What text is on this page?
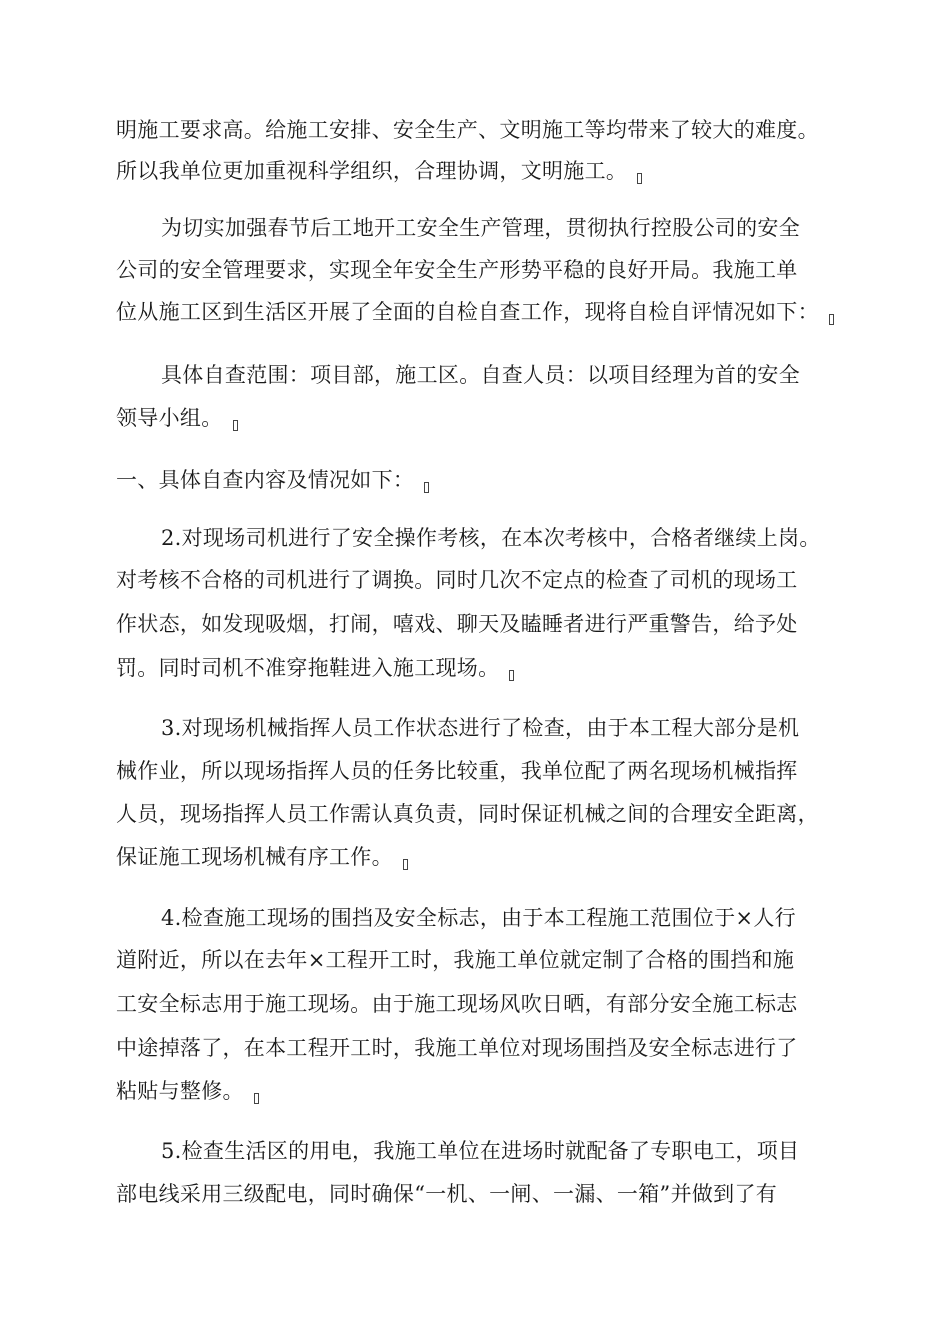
明施工要求高。给施工安排、安全生产、文明施工等均带来了较大的难度。
所以我单位更加重视科学组织，合理协调，文明施工。
为切实加强春节后工地开工安全生产管理，贯彻执行控股公司的安全
公司的安全管理要求，实现全年安全生产形势平稳的良好开局。我施工单
位从施工区到生活区开展了全面的自检自查工作，现将自检自评情况如下：
具体自查范围：项目部，施工区。自查人员：以项目经理为首的安全
领导小组。
一、具体自查内容及情况如下：
2.对现场司机进行了安全操作考核，在本次考核中，合格者继续上岗。
对考核不合格的司机进行了调换。同时几次不定点的检查了司机的现场工
作状态，如发现吸烟，打闹，嘻戏、聊天及瞌睡者进行严重警告，给予处
罚。同时司机不准穿拖鞋进入施工现场。
3.对现场机械指挥人员工作状态进行了检查，由于本工程大部分是机
械作业，所以现场指挥人员的任务比较重，我单位配了两名现场机械指挥
人员，现场指挥人员工作需认真负责，同时保证机械之间的合理安全距离，
保证施工现场机械有序工作。
4.检查施工现场的围挡及安全标志，由于本工程施工范围位于×人行
道附近，所以在去年×工程开工时，我施工单位就定制了合格的围挡和施
工安全标志用于施工现场。由于施工现场风吹日晒，有部分安全施工标志
中途掉落了，在本工程开工时，我施工单位对现场围挡及安全标志进行了
粘贴与整修。
5.检查生活区的用电，我施工单位在进场时就配备了专职电工，项目
部电线采用三级配电，同时确保“一机、一闸、一漏、一箱”并做到了有
